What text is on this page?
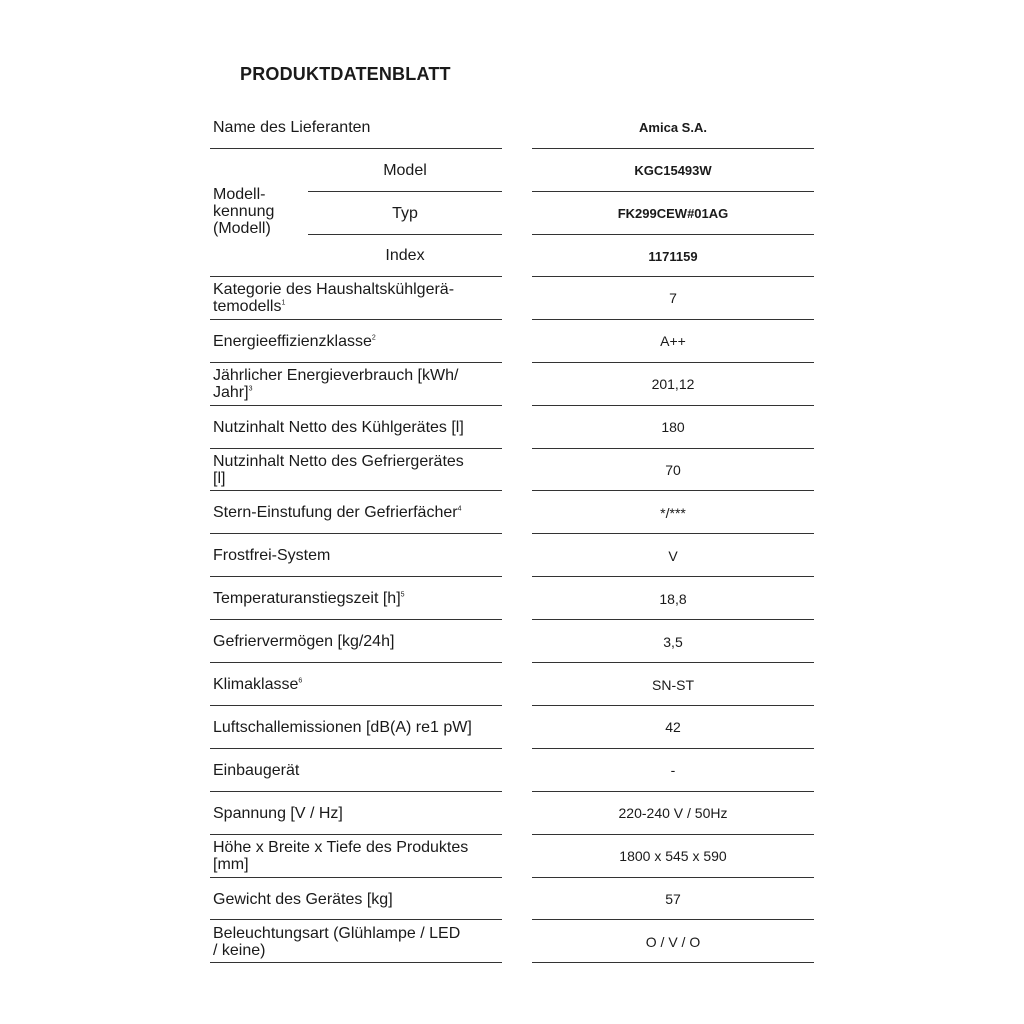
PRODUKTDATENBLATT
Name des Lieferanten	Amica S.A.
Modell-
kennung
(Modell)
Model	KGC15493W
Typ	FK299CEW#01AG
Index	1171159
Kategorie des Haushaltskühlgerä-
temodells$^1$	7
Energieeffizienzklasse$^2$	A++
Jährlicher Energieverbrauch [kWh/
Jahr]$^3$	201,12
Nutzinhalt Netto des Kühlgerätes [l]	180
Nutzinhalt Netto des Gefriergerätes
[l]	70
Stern-Einstufung der Gefrierfächer$^4$	*/***
Frostfrei-System	V
Temperaturanstiegszeit $[h]^5$	18,8
Gefriervermögen [kg/24h]	3,5
Klimaklasse$^6$	SN-ST
Luftschallemissionen [dB(A) re1 pW]	42
Einbaugerät	-
Spannung [V / Hz]	220-240 V / 50Hz
Höhe x Breite x Tiefe des Produktes
[mm]	1800 x 545 x 590
Gewicht des Gerätes [kg]	57
Beleuchtungsart (Glühlampe / LED
/ keine)	O / V / O
